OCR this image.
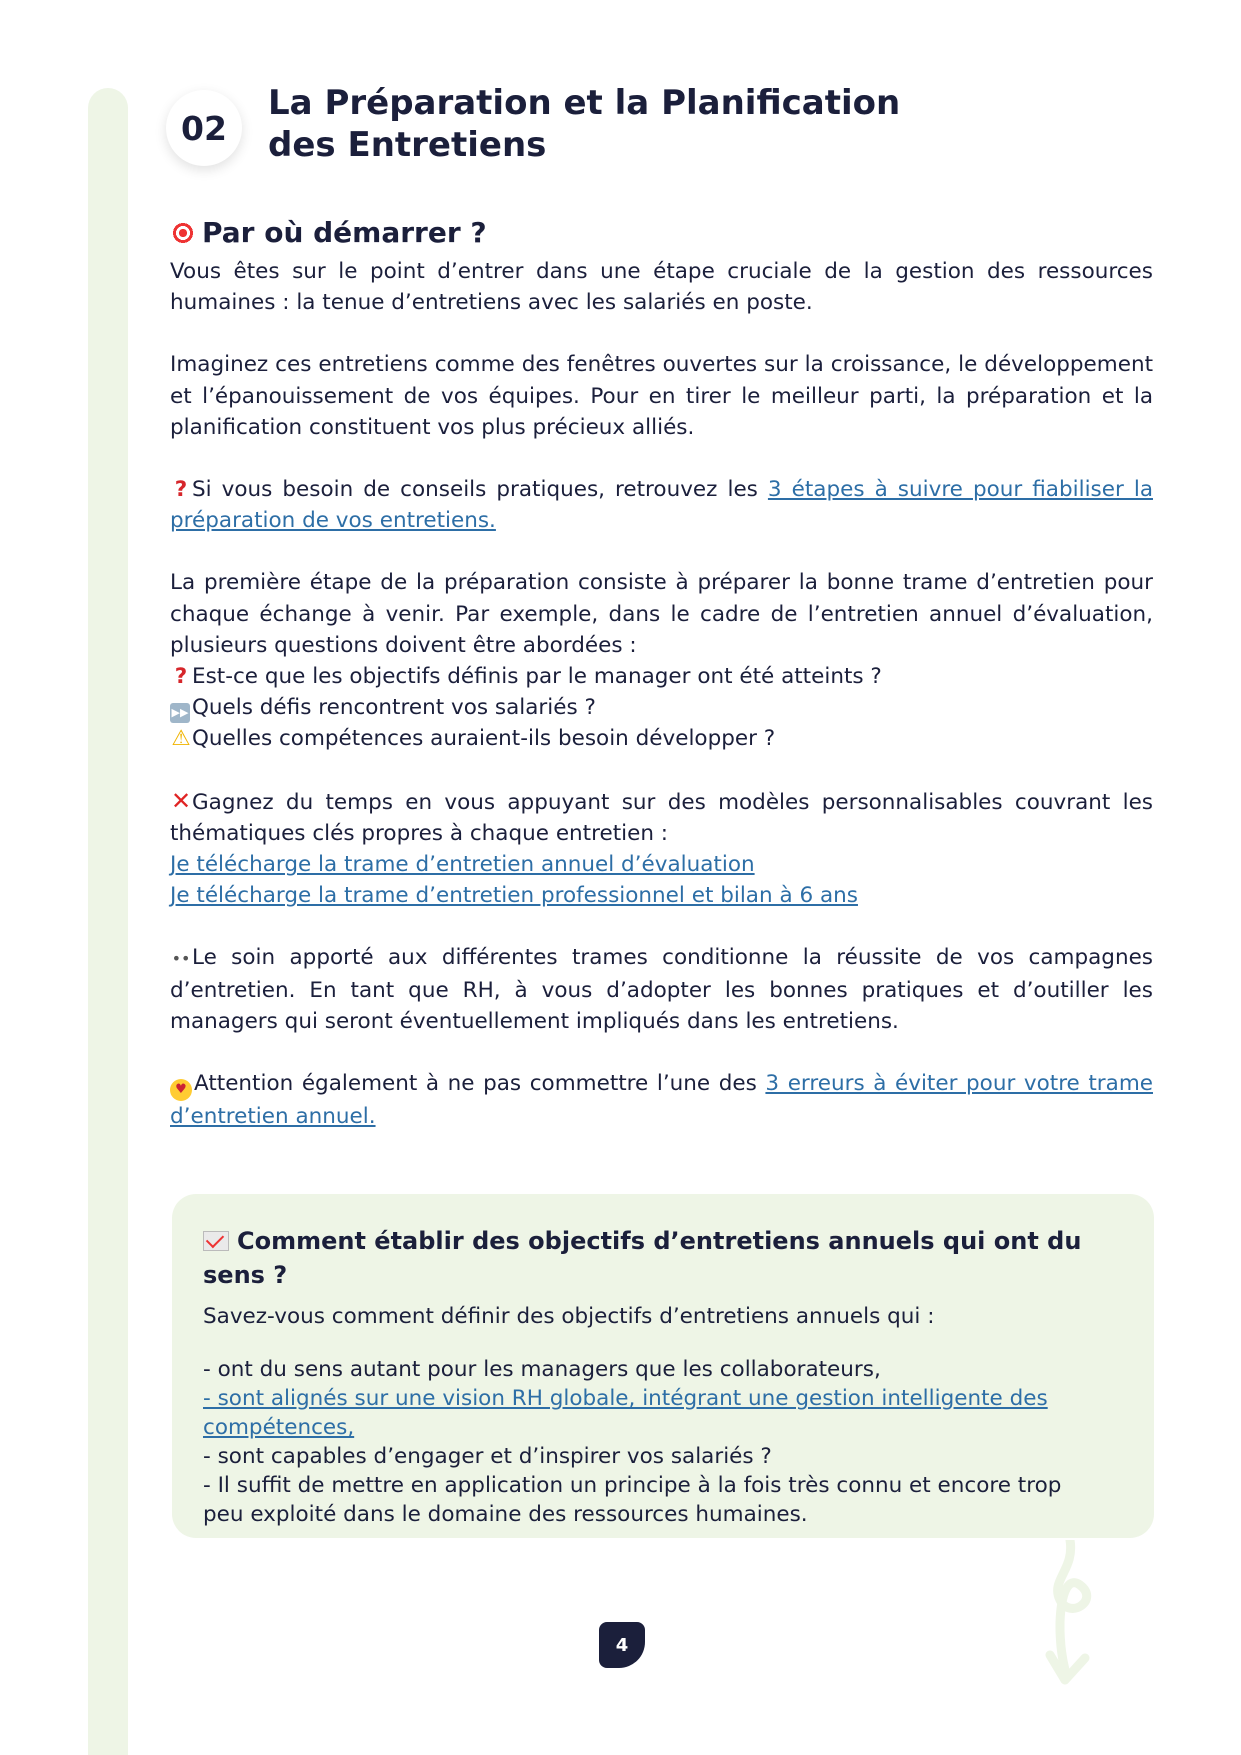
02
La Préparation et la Planification
des Entretiens
Par où démarrer ?

Vous êtes sur le point d’entrer dans une étape cruciale de la gestion des ressources humaines : la tenue d’entretiens avec les salariés en poste.

Imaginez ces entretiens comme des fenêtres ouvertes sur la croissance, le développement et l’épanouissement de vos équipes. Pour en tirer le meilleur parti, la préparation et la planification constituent vos plus précieux alliés.

? Si vous besoin de conseils pratiques, retrouvez les 3 étapes à suivre pour fiabiliser la préparation de vos entretiens.

La première étape de la préparation consiste à préparer la bonne trame d’entretien pour chaque échange à venir. Par exemple, dans le cadre de l’entretien annuel d’évaluation, plusieurs questions doivent être abordées :

? Est-ce que les objectifs définis par le manager ont été atteints ?

▶▶ Quels défis rencontrent vos salariés ?

⚠Quelles compétences auraient-ils besoin développer ?

✕Gagnez du temps en vous appuyant sur des modèles personnalisables couvrant les thématiques clés propres à chaque entretien :

Je télécharge la trame d’entretien annuel d’évaluation

Je télécharge la trame d’entretien professionnel et bilan à 6 ans

••Le soin apporté aux différentes trames conditionne la réussite de vos campagnes d’entretien. En tant que RH, à vous d’adopter les bonnes pratiques et d’outiller les managers qui seront éventuellement impliqués dans les entretiens.

♥ Attention également à ne pas commettre l’une des 3 erreurs à éviter pour votre trame d’entretien annuel.

Comment établir des objectifs d’entretiens annuels qui ont du sens ?

Savez-vous comment définir des objectifs d’entretiens annuels qui :

- ont du sens autant pour les managers que les collaborateurs,

- sont alignés sur une vision RH globale, intégrant une gestion intelligente des compétences,

- sont capables d’engager et d’inspirer vos salariés ?

- Il suffit de mettre en application un principe à la fois très connu et encore trop peu exploité dans le domaine des ressources humaines.

4
